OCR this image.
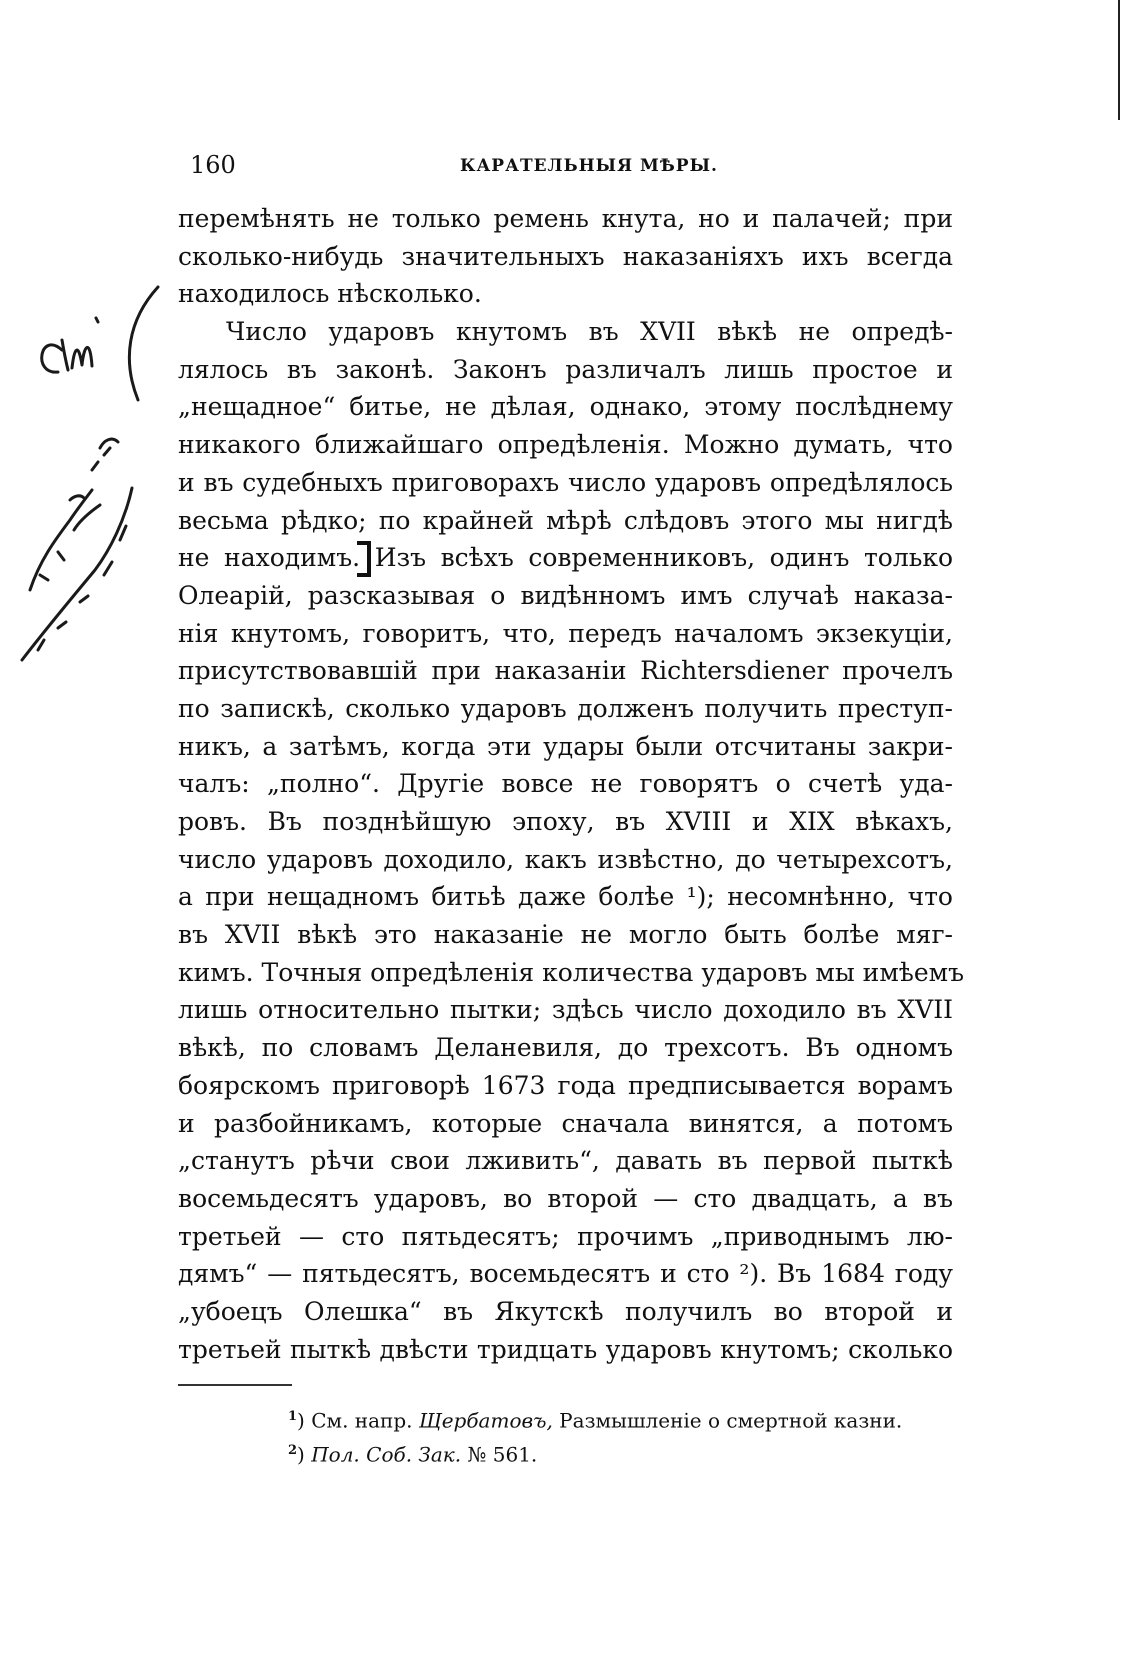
160	КАРАТЕЛЬНЫЯ МѢРЫ.
перемѣнять не только ремень кнута, но и палачей; при
сколько-нибудь значительныхъ наказаніяхъ ихъ всегда
находилось нѣсколько.
Число ударовъ кнутомъ въ XVII вѣкѣ не опредѣ-
лялось въ законѣ. Законъ различалъ лишь простое и
„нещадное“ битье, не дѣлая, однако, этому послѣднему
никакого ближайшаго опредѣленія. Можно думать, что
и въ судебныхъ приговорахъ число ударовъ опредѣлялось
весьма рѣдко; по крайней мѣрѣ слѣдовъ этого мы нигдѣ
не находимъ. Изъ всѣхъ современниковъ, одинъ только
Олеарій, разсказывая о видѣнномъ имъ случаѣ наказа-
нія кнутомъ, говоритъ, что, передъ началомъ экзекуціи,
присутствовавшій при наказаніи Richtersdiener прочелъ
по запискѣ, сколько ударовъ долженъ получить преступ-
никъ, а затѣмъ, когда эти удары были отсчитаны закри-
чалъ: „полно“. Другіе вовсе не говорятъ о счетѣ уда-
ровъ. Въ позднѣйшую эпоху, въ XVIII и XIX вѣкахъ,
число ударовъ доходило, какъ извѣстно, до четырехсотъ,
а при нещадномъ битьѣ даже болѣе ¹); несомнѣнно, что
въ XVII вѣкѣ это наказаніе не могло быть болѣе мяг-
кимъ. Точныя опредѣленія количества ударовъ мы имѣемъ
лишь относительно пытки; здѣсь число доходило въ XVII
вѣкѣ, по словамъ Деланевиля, до трехсотъ. Въ одномъ
боярскомъ приговорѣ 1673 года предписывается ворамъ
и разбойникамъ, которые сначала винятся, а потомъ
„станутъ рѣчи свои лживить“, давать въ первой пыткѣ
восемьдесятъ ударовъ, во второй — сто двадцать, а въ
третьей — сто пятьдесятъ; прочимъ „приводнымъ лю-
дямъ“ — пятьдесятъ, восемьдесятъ и сто ²). Въ 1684 году
„убоецъ Олешка“ въ Якутскѣ получилъ во второй и
третьей пыткѣ двѣсти тридцать ударовъ кнутомъ; сколько
$^1$) См. напр. Щербатовъ, Размышленіе о смертной казни.
$^2$) Пол. Соб. Зак. № 561.
